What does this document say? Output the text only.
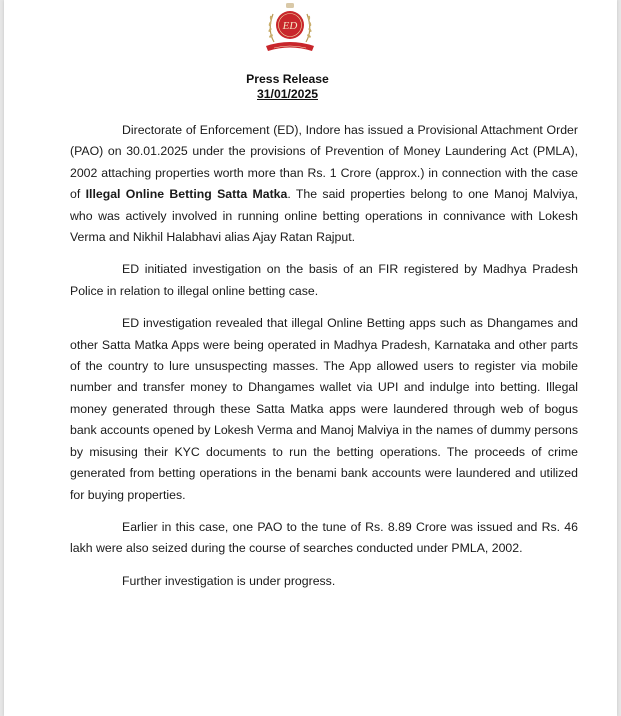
ED
Press Release
31/01/2025

Directorate of Enforcement (ED), Indore has issued a Provisional Attachment Order (PAO) on 30.01.2025 under the provisions of Prevention of Money Laundering Act (PMLA), 2002 attaching properties worth more than Rs. 1 Crore (approx.) in connection with the case of Illegal Online Betting Satta Matka. The said properties belong to one Manoj Malviya, who was actively involved in running online betting operations in connivance with Lokesh Verma and Nikhil Halabhavi alias Ajay Ratan Rajput.

ED initiated investigation on the basis of an FIR registered by Madhya Pradesh Police in relation to illegal online betting case.

ED investigation revealed that illegal Online Betting apps such as Dhangames and other Satta Matka Apps were being operated in Madhya Pradesh, Karnataka and other parts of the country to lure unsuspecting masses. The App allowed users to register via mobile number and transfer money to Dhangames wallet via UPI and indulge into betting. Illegal money generated through these Satta Matka apps were laundered through web of bogus bank accounts opened by Lokesh Verma and Manoj Malviya in the names of dummy persons by misusing their KYC documents to run the betting operations. The proceeds of crime generated from betting operations in the benami bank accounts were laundered and utilized for buying properties.

Earlier in this case, one PAO to the tune of Rs. 8.89 Crore was issued and Rs. 46 lakh were also seized during the course of searches conducted under PMLA, 2002.

Further investigation is under progress.
